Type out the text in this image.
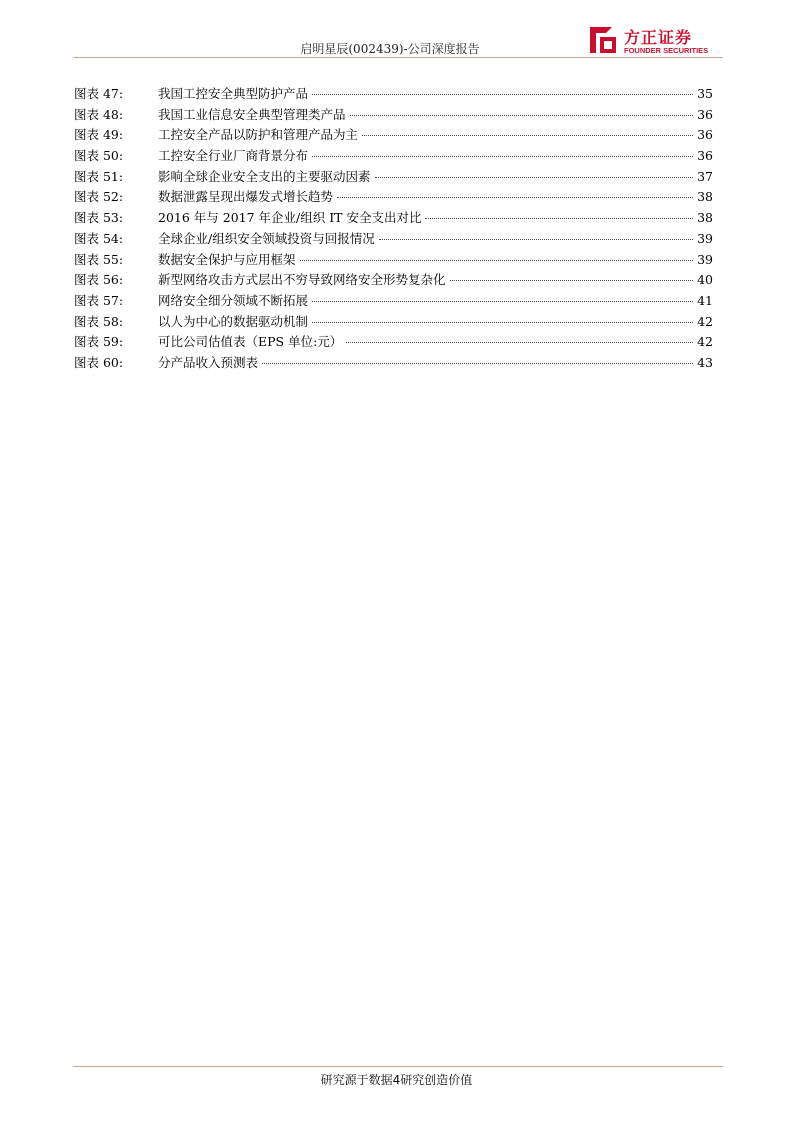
启明星辰(002439)-公司深度报告
方正证券
FOUNDER SECURITIES
图表 47:	我国工控安全典型防护产品	35
图表 48:	我国工业信息安全典型管理类产品	36
图表 49:	工控安全产品以防护和管理产品为主	36
图表 50:	工控安全行业厂商背景分布	36
图表 51:	影响全球企业安全支出的主要驱动因素	37
图表 52:	数据泄露呈现出爆发式增长趋势	38
图表 53:	2016 年与 2017 年企业/组织 IT 安全支出对比	38
图表 54:	全球企业/组织安全领域投资与回报情况	39
图表 55:	数据安全保护与应用框架	39
图表 56:	新型网络攻击方式层出不穷导致网络安全形势复杂化	40
图表 57:	网络安全细分领域不断拓展	41
图表 58:	以人为中心的数据驱动机制	42
图表 59:	可比公司估值表（EPS 单位:元）	42
图表 60:	分产品收入预测表	43
研究源于数据4研究创造价值
